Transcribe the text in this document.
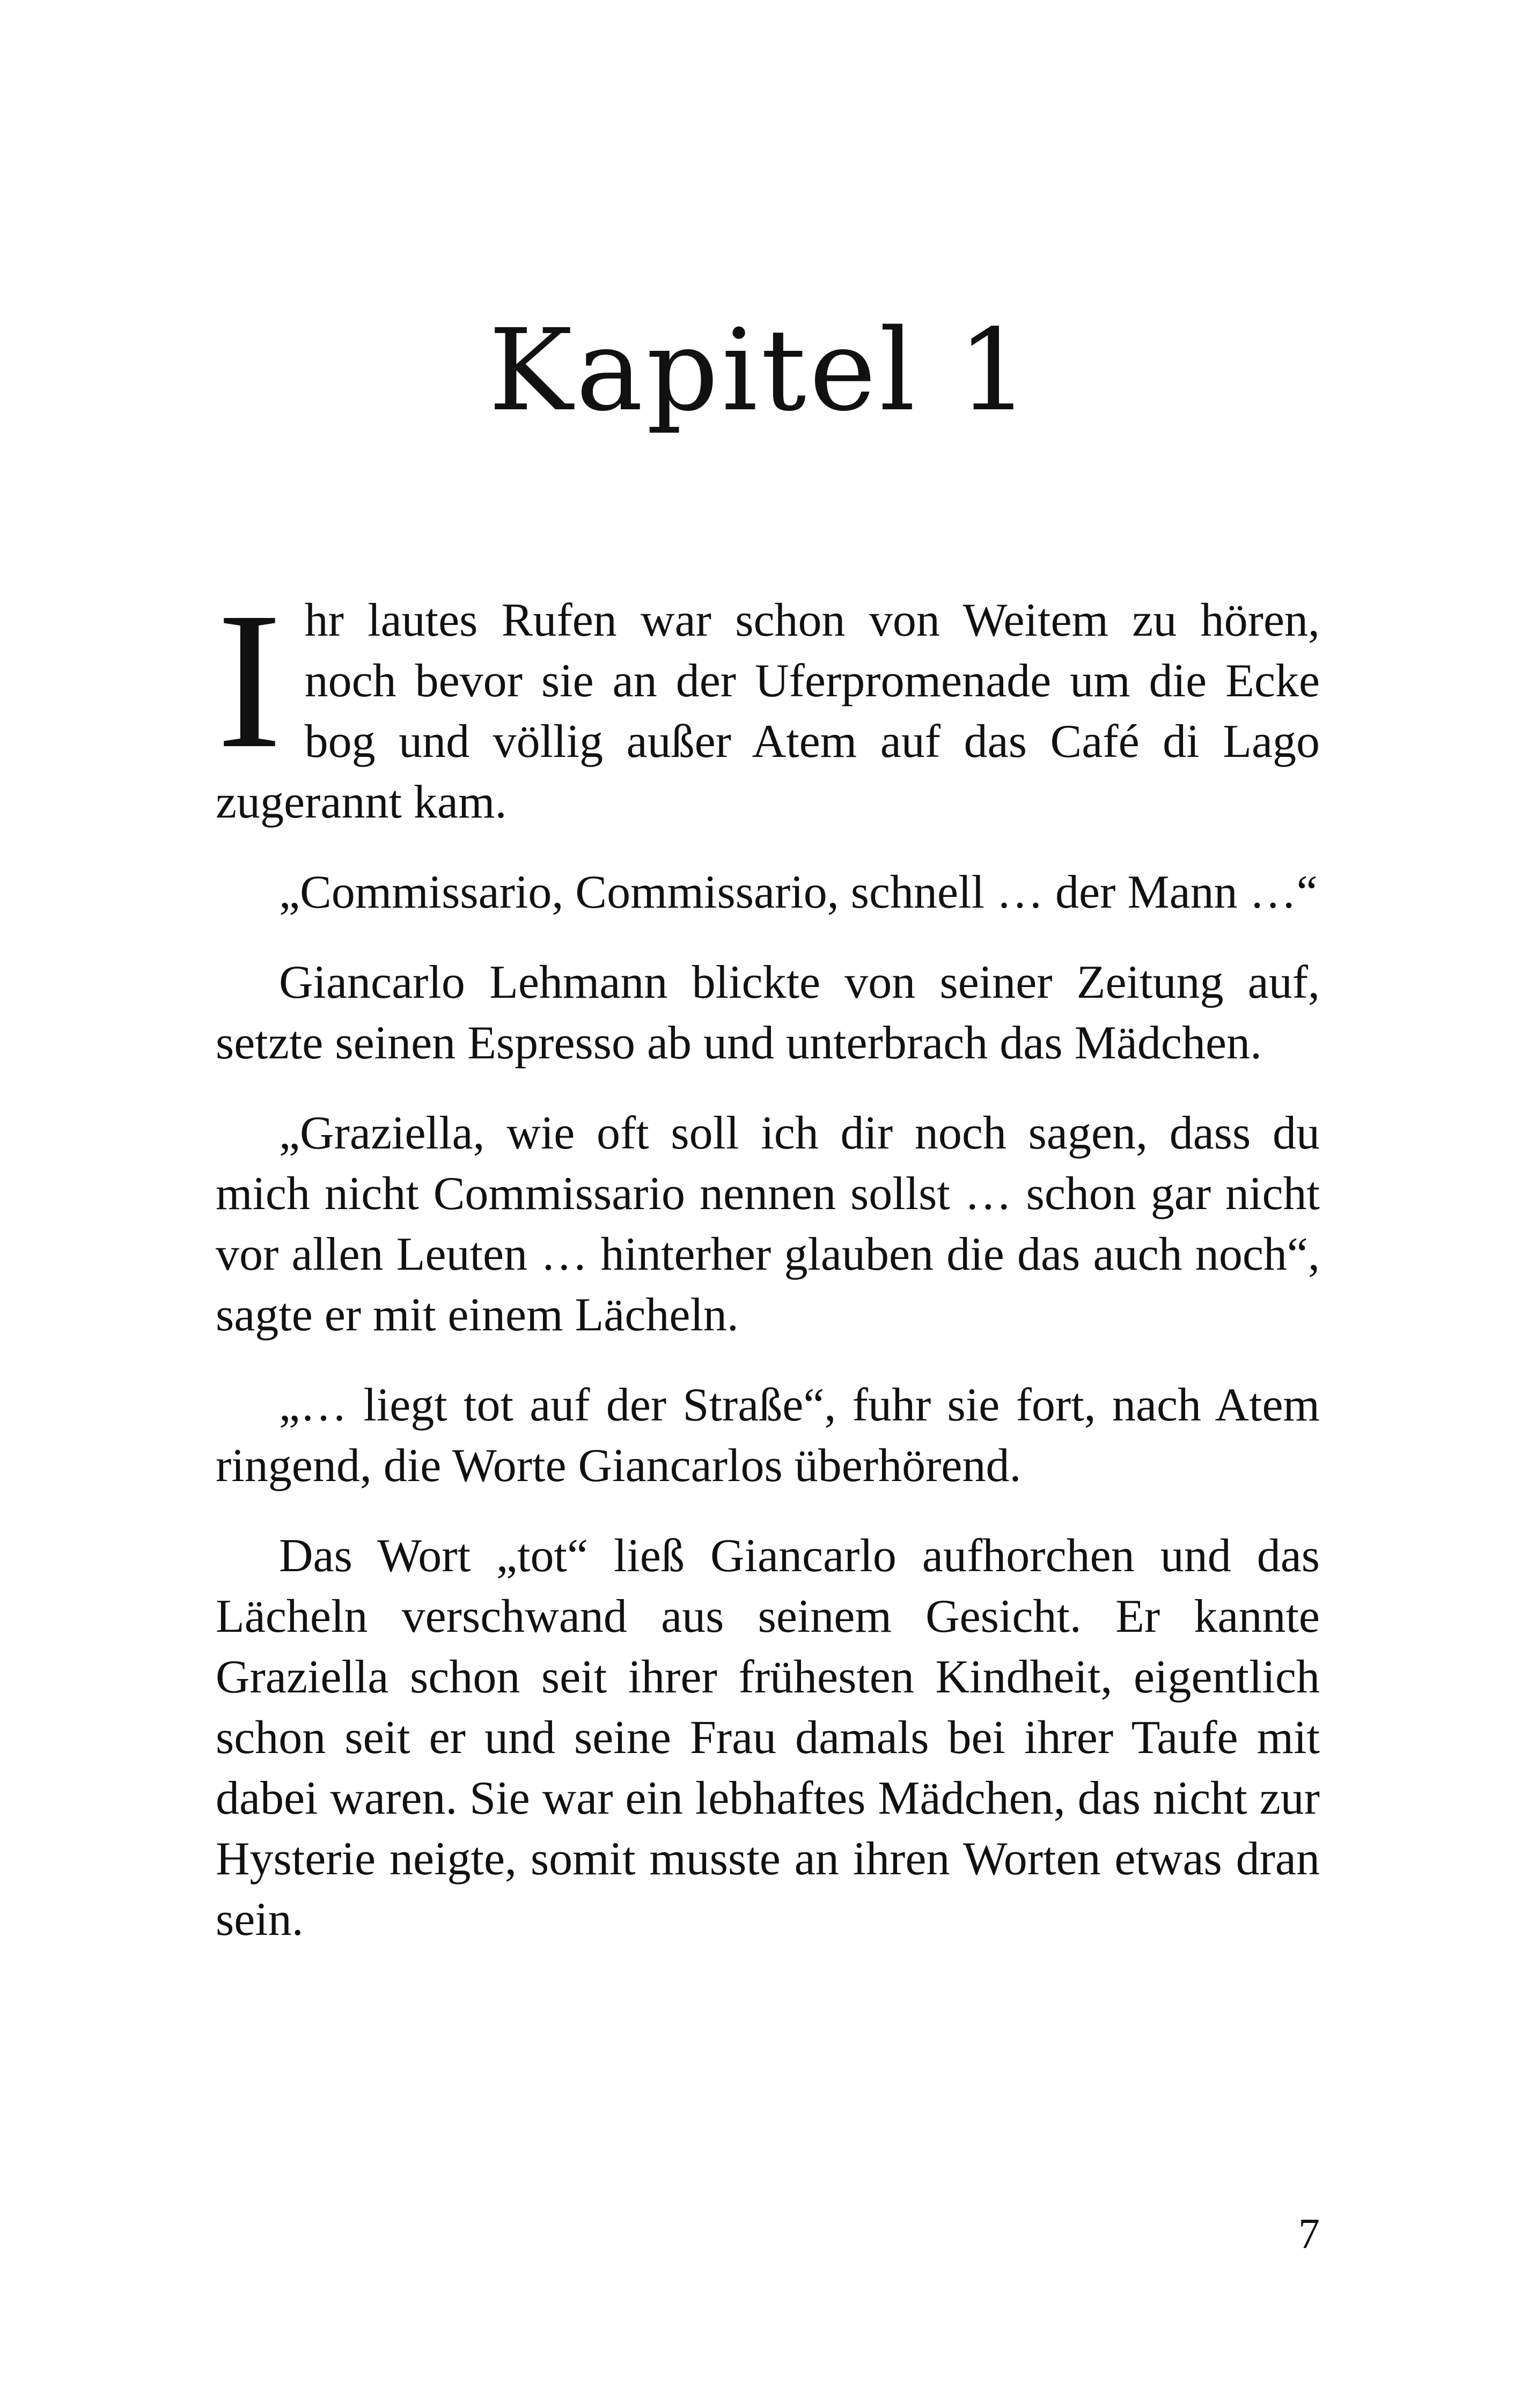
Kapitel 1

Ihr lautes Rufen war schon von Weitem zu hören, noch bevor sie an der Uferpromenade um die Ecke bog und völlig außer Atem auf das Café di Lago zugerannt kam.

„Commissario, Commissario, schnell … der Mann …“

Giancarlo Lehmann blickte von seiner Zeitung auf, setzte seinen Espresso ab und unterbrach das Mädchen.

„Graziella, wie oft soll ich dir noch sagen, dass du mich nicht Commissario nennen sollst … schon gar nicht vor allen Leuten … hinterher glauben die das auch noch“, sagte er mit einem Lächeln.

„… liegt tot auf der Straße“, fuhr sie fort, nach Atem ringend, die Worte Giancarlos überhörend.

Das Wort „tot“ ließ Giancarlo aufhorchen und das Lächeln verschwand aus seinem Gesicht. Er kannte Graziella schon seit ihrer frühesten Kindheit, eigentlich schon seit er und seine Frau damals bei ihrer Taufe mit dabei waren. Sie war ein lebhaftes Mädchen, das nicht zur Hysterie neigte, somit musste an ihren Worten etwas dran sein.

7
